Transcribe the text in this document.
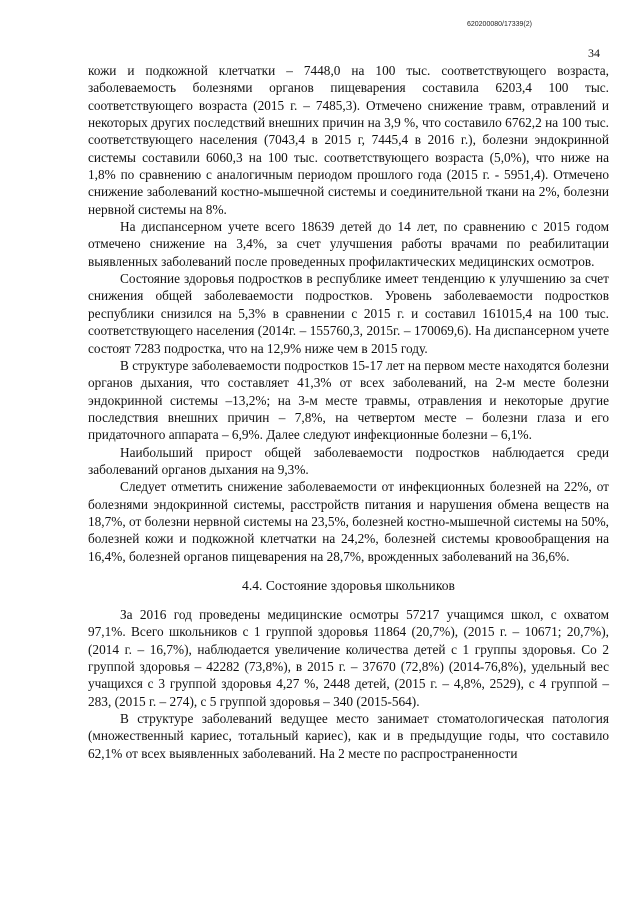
620200080/17339(2)
34

кожи и подкожной клетчатки – 7448,0 на 100 тыс. соответствующего возраста, заболеваемость болезнями органов пищеварения составила 6203,4 100 тыс. соответствующего возраста (2015 г. – 7485,3). Отмечено снижение травм, отравлений и некоторых других последствий внешних причин на 3,9 %, что составило 6762,2 на 100 тыс. соответствующего населения (7043,4 в 2015 г, 7445,4 в 2016 г.), болезни эндокринной системы составили 6060,3 на 100 тыс. соответствующего возраста (5,0%), что ниже на 1,8% по сравнению с аналогичным периодом прошлого года (2015 г. - 5951,4). Отмечено снижение заболеваний костно-мышечной системы и соединительной ткани на 2%, болезни нервной системы на 8%.

На диспансерном учете всего 18639 детей до 14 лет, по сравнению с 2015 годом отмечено снижение на 3,4%, за счет улучшения работы врачами по реабилитации выявленных заболеваний после проведенных профилактических медицинских осмотров.

Состояние здоровья подростков в республике имеет тенденцию к улучшению за счет снижения общей заболеваемости подростков. Уровень заболеваемости подростков республики снизился на 5,3% в сравнении с 2015 г. и составил 161015,4 на 100 тыс. соответствующего населения (2014г. – 155760,3, 2015г. – 170069,6). На диспансерном учете состоят 7283 подростка, что на 12,9% ниже чем в 2015 году.

В структуре заболеваемости подростков 15-17 лет на первом месте находятся болезни органов дыхания, что составляет 41,3% от всех заболеваний, на 2-м месте болезни эндокринной системы –13,2%; на 3-м месте травмы, отравления и некоторые другие последствия внешних причин – 7,8%, на четвертом месте – болезни глаза и его придаточного аппарата – 6,9%. Далее следуют инфекционные болезни – 6,1%.

Наибольший прирост общей заболеваемости подростков наблюдается среди заболеваний органов дыхания на 9,3%.

Следует отметить снижение заболеваемости от инфекционных болезней на 22%, от болезнями эндокринной системы, расстройств питания и нарушения обмена веществ на 18,7%, от болезни нервной системы на 23,5%, болезней костно-мышечной системы на 50%, болезней кожи и подкожной клетчатки на 24,2%, болезней системы кровообращения на 16,4%, болезней органов пищеварения на 28,7%, врожденных заболеваний на 36,6%.

4.4. Состояние здоровья школьников

За 2016 год проведены медицинские осмотры 57217 учащимся школ, с охватом 97,1%. Всего школьников с 1 группой здоровья 11864 (20,7%), (2015 г. – 10671; 20,7%), (2014 г. – 16,7%), наблюдается увеличение количества детей с 1 группы здоровья. Со 2 группой здоровья – 42282 (73,8%), в 2015 г. – 37670 (72,8%) (2014-76,8%), удельный вес учащихся с 3 группой здоровья 4,27 %, 2448 детей, (2015 г. – 4,8%, 2529), с 4 группой – 283, (2015 г. – 274), с 5 группой здоровья – 340 (2015-564).

В структуре заболеваний ведущее место занимает стоматологическая патология (множественный кариес, тотальный кариес), как и в предыдущие годы, что составило 62,1% от всех выявленных заболеваний. На 2 месте по распространенности
